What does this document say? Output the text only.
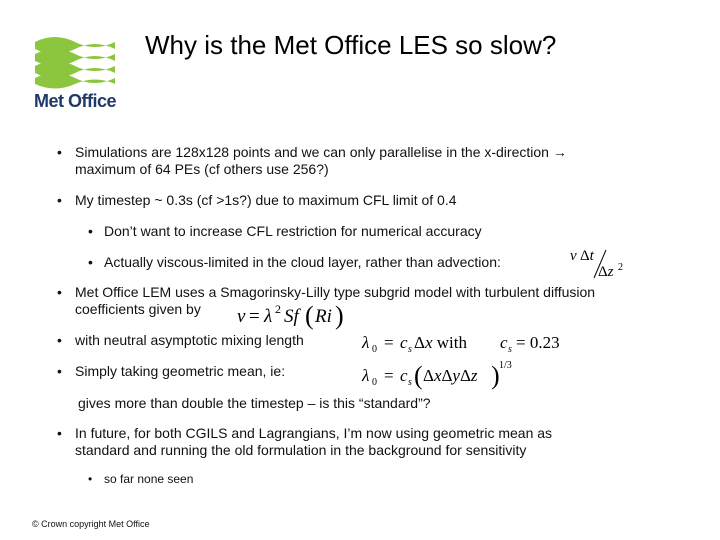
Met Office
Why is the Met Office LES so slow?
• Simulations are 128x128 points and we can only parallelise in the x-direction →
maximum of 64 PEs (cf others use 256?)
• My timestep ~ 0.3s (cf >1s?) due to maximum CFL limit of 0.4
• Don’t want to increase CFL restriction for numerical accuracy
• Actually viscous-limited in the cloud layer, rather than advection:	ν Δt
Δz 2
• Met Office LEM uses a Smagorinsky-Lilly type subgrid model with turbulent diffusion
coefficients given by ν = λ 2 Sf ( Ri )
• with neutral asymptotic mixing length	λ 0 = c s Δx with c s = 0.23
• Simply taking geometric mean, ie:	λ 0 = c s ( ΔxΔyΔz ) 1/3
gives more than double the timestep – is this “standard”?
• In future, for both CGILS and Lagrangians, I’m now using geometric mean as
standard and running the old formulation in the background for sensitivity
• so far none seen
© Crown copyright Met Office
